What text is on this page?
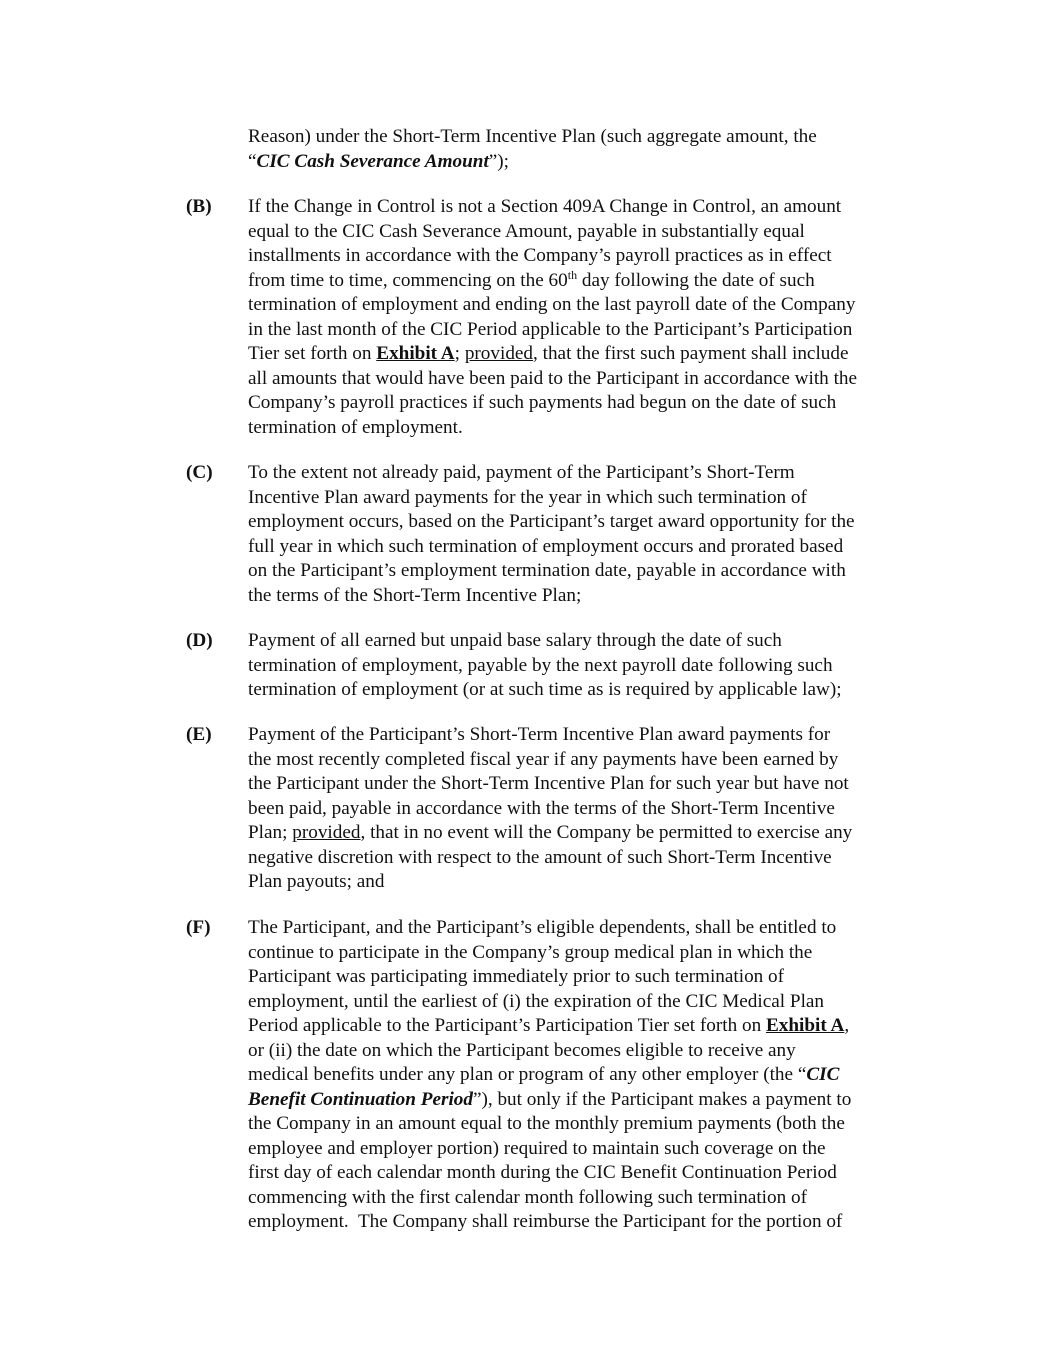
Reason) under the Short-Term Incentive Plan (such aggregate amount, the
“CIC Cash Severance Amount”);
(B) If the Change in Control is not a Section 409A Change in Control, an amount
equal to the CIC Cash Severance Amount, payable in substantially equal
installments in accordance with the Company’s payroll practices as in effect
from time to time, commencing on the 60th day following the date of such
termination of employment and ending on the last payroll date of the Company
in the last month of the CIC Period applicable to the Participant’s Participation
Tier set forth on Exhibit A; provided, that the first such payment shall include
all amounts that would have been paid to the Participant in accordance with the
Company’s payroll practices if such payments had begun on the date of such
termination of employment.
(C) To the extent not already paid, payment of the Participant’s Short-Term
Incentive Plan award payments for the year in which such termination of
employment occurs, based on the Participant’s target award opportunity for the
full year in which such termination of employment occurs and prorated based
on the Participant’s employment termination date, payable in accordance with
the terms of the Short-Term Incentive Plan;
(D) Payment of all earned but unpaid base salary through the date of such
termination of employment, payable by the next payroll date following such
termination of employment (or at such time as is required by applicable law);
(E) Payment of the Participant’s Short-Term Incentive Plan award payments for
the most recently completed fiscal year if any payments have been earned by
the Participant under the Short-Term Incentive Plan for such year but have not
been paid, payable in accordance with the terms of the Short-Term Incentive
Plan; provided, that in no event will the Company be permitted to exercise any
negative discretion with respect to the amount of such Short-Term Incentive
Plan payouts; and
(F) The Participant, and the Participant’s eligible dependents, shall be entitled to
continue to participate in the Company’s group medical plan in which the
Participant was participating immediately prior to such termination of
employment, until the earliest of (i) the expiration of the CIC Medical Plan
Period applicable to the Participant’s Participation Tier set forth on Exhibit A,
or (ii) the date on which the Participant becomes eligible to receive any
medical benefits under any plan or program of any other employer (the “CIC
Benefit Continuation Period”), but only if the Participant makes a payment to
the Company in an amount equal to the monthly premium payments (both the
employee and employer portion) required to maintain such coverage on the
first day of each calendar month during the CIC Benefit Continuation Period
commencing with the first calendar month following such termination of
employment.  The Company shall reimburse the Participant for the portion of
